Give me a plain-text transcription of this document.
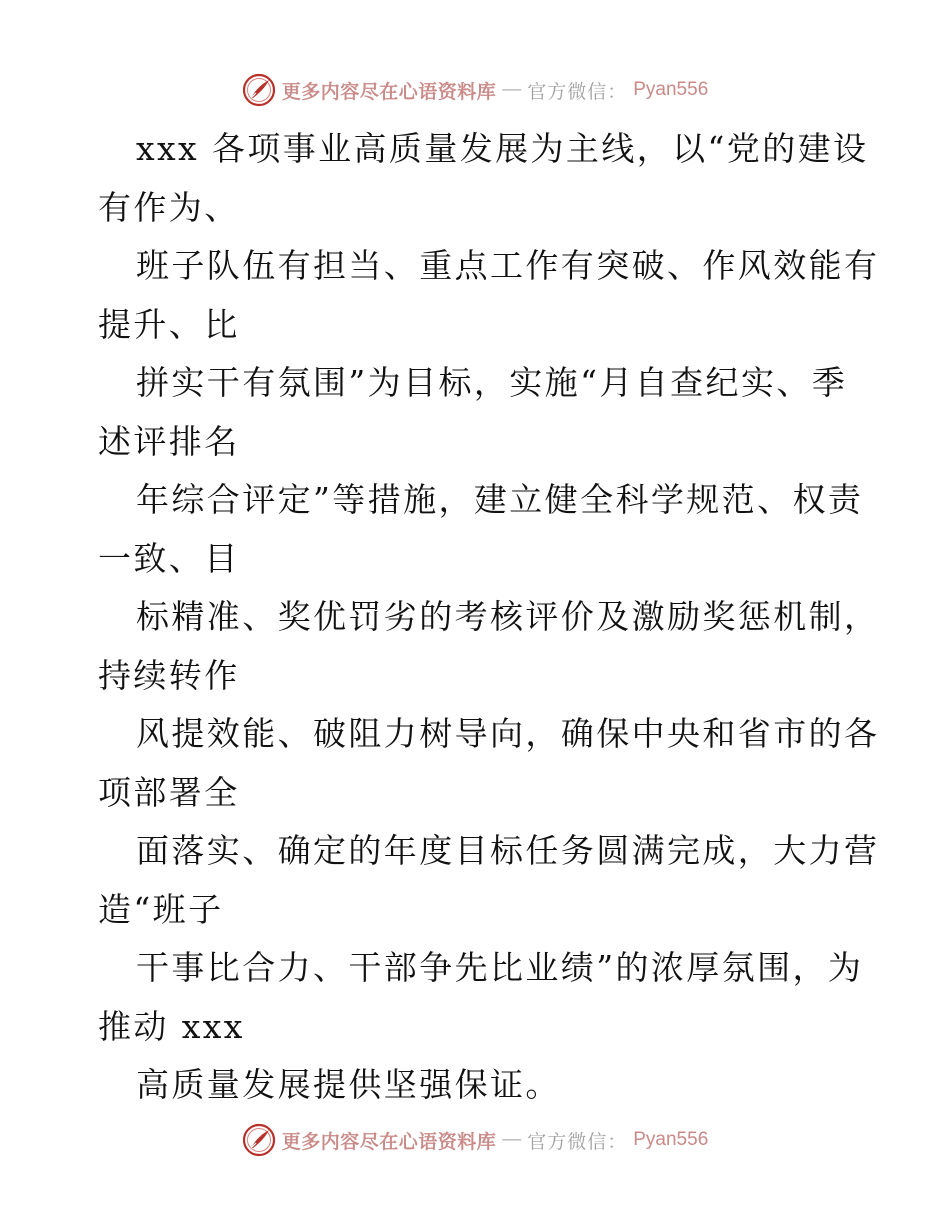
更多内容尽在心语资料库 — 官方微信： Pyan556
xxx 各项事业高质量发展为主线，以“党的建设
有作为、
班子队伍有担当、重点工作有突破、作风效能有
提升、比
拼实干有氛围”为目标，实施“月自查纪实、季
述评排名
年综合评定”等措施，建立健全科学规范、权责
一致、目
标精准、奖优罚劣的考核评价及激励奖惩机制，
持续转作
风提效能、破阻力树导向，确保中央和省市的各
项部署全
面落实、确定的年度目标任务圆满完成，大力营
造“班子
干事比合力、干部争先比业绩”的浓厚氛围，为
推动 xxx
高质量发展提供坚强保证。
更多内容尽在心语资料库 — 官方微信： Pyan556
